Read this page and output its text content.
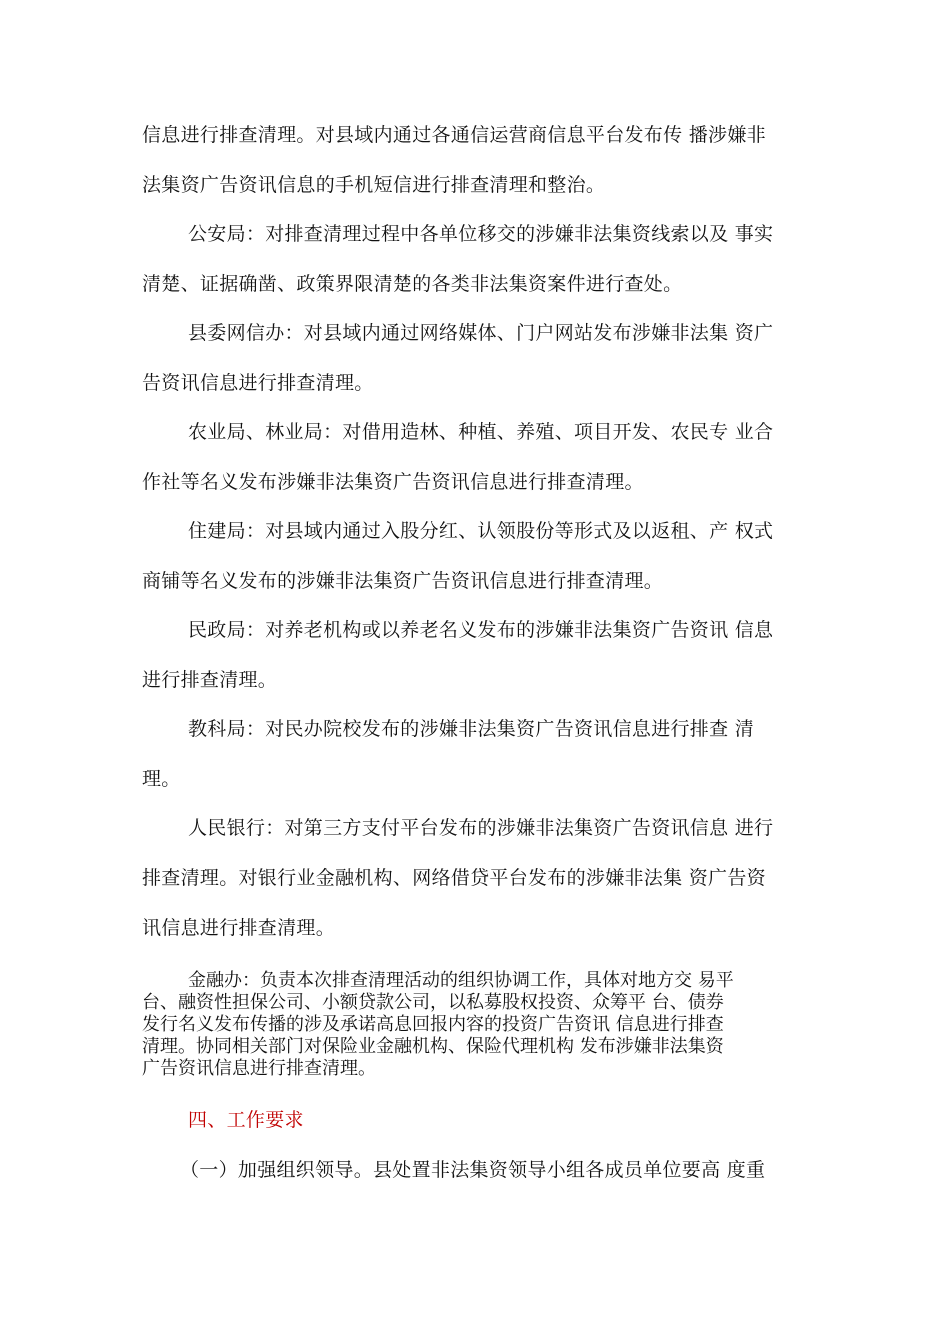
信息进行排查清理。对县域内通过各通信运营商信息平台发布传 播涉嫌非
法集资广告资讯信息的手机短信进行排查清理和整治。
公安局：对排查清理过程中各单位移交的涉嫌非法集资线索以及 事实
清楚、证据确凿、政策界限清楚的各类非法集资案件进行查处。
县委网信办：对县域内通过网络媒体、门户网站发布涉嫌非法集 资广
告资讯信息进行排查清理。
农业局、林业局：对借用造林、种植、养殖、项目开发、农民专 业合
作社等名义发布涉嫌非法集资广告资讯信息进行排查清理。
住建局：对县域内通过入股分红、认领股份等形式及以返租、产 权式
商铺等名义发布的涉嫌非法集资广告资讯信息进行排查清理。
民政局：对养老机构或以养老名义发布的涉嫌非法集资广告资讯 信息
进行排查清理。
教科局：对民办院校发布的涉嫌非法集资广告资讯信息进行排查 清
理。
人民银行：对第三方支付平台发布的涉嫌非法集资广告资讯信息 进行
排查清理。对银行业金融机构、网络借贷平台发布的涉嫌非法集 资广告资
讯信息进行排查清理。
金融办：负责本次排查清理活动的组织协调工作，具体对地方交 易平
台、融资性担保公司、小额贷款公司，以私募股权投资、众筹平 台、债券
发行名义发布传播的涉及承诺高息回报内容的投资广告资讯 信息进行排查
清理。协同相关部门对保险业金融机构、保险代理机构 发布涉嫌非法集资
广告资讯信息进行排查清理。
四、工作要求
（一）加强组织领导。县处置非法集资领导小组各成员单位要高 度重
